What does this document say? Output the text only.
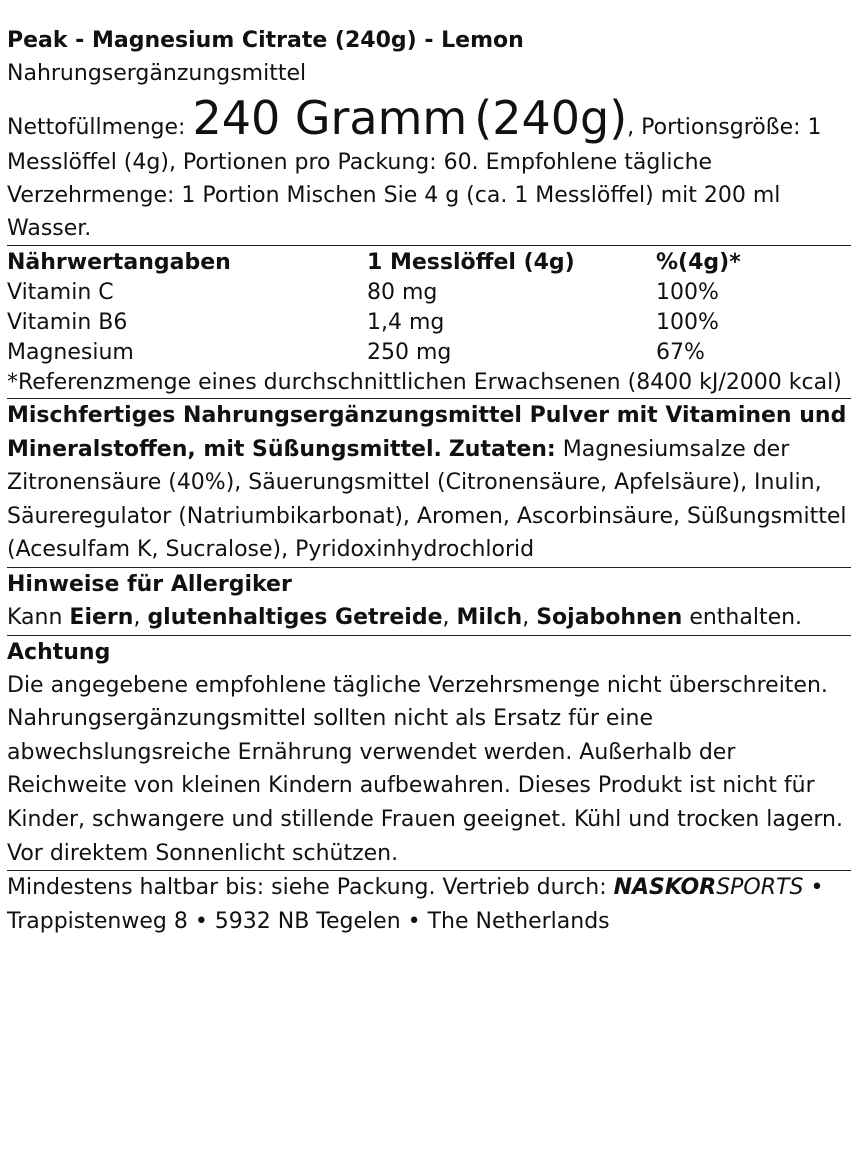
Peak - Magnesium Citrate (240g) - Lemon
Nahrungsergänzungsmittel
Nettofüllmenge: 240 Gramm (240g), Portionsgröße: 1 Messlöffel (4g), Portionen pro Packung: 60. Empfohlene tägliche Verzehrmenge: 1 Portion Mischen Sie 4 g (ca. 1 Messlöffel) mit 200 ml Wasser.
Nährwertangaben	1 Messlöffel (4g)	%(4g)*
Vitamin C	80 mg	100%
Vitamin B6	1,4 mg	100%
Magnesium	250 mg	67%
*Referenzmenge eines durchschnittlichen Erwachsenen (8400 kJ/2000 kcal)
Mischfertiges Nahrungsergänzungsmittel Pulver mit Vitaminen und Mineralstoffen, mit Süßungsmittel. Zutaten: Magnesiumsalze der Zitronensäure (40%), Säuerungsmittel (Citronensäure, Apfelsäure), Inulin, Säureregulator (Natriumbikarbonat), Aromen, Ascorbinsäure, Süßungsmittel (Acesulfam K, Sucralose), Pyridoxinhydrochlorid
Hinweise für Allergiker
Kann Eiern, glutenhaltiges Getreide, Milch, Sojabohnen enthalten.
Achtung
Die angegebene empfohlene tägliche Verzehrsmenge nicht überschreiten. Nahrungsergänzungsmittel sollten nicht als Ersatz für eine abwechslungsreiche Ernährung verwendet werden. Außerhalb der Reichweite von kleinen Kindern aufbewahren. Dieses Produkt ist nicht für Kinder, schwangere und stillende Frauen geeignet. Kühl und trocken lagern. Vor direktem Sonnenlicht schützen.
Mindestens haltbar bis: siehe Packung. Vertrieb durch: NASKORSPORTS • Trappistenweg 8 • 5932 NB Tegelen • The Netherlands
